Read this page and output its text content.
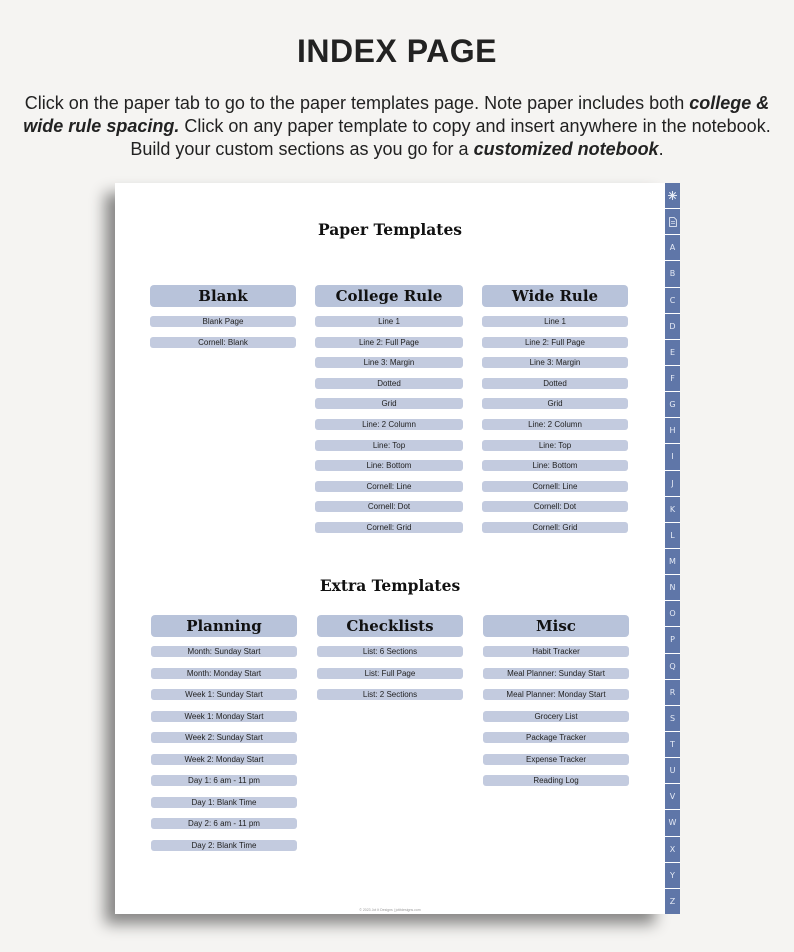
INDEX PAGE
Click on the paper tab to go to the paper templates page. Note paper includes both college & wide rule spacing. Click on any paper template to copy and insert anywhere in the notebook. Build your custom sections as you go for a customized notebook.
Paper Templates
Blank
Blank Page
Cornell: Blank
College Rule
Line 1
Line 2: Full Page
Line 3: Margin
Dotted
Grid
Line: 2 Column
Line: Top
Line: Bottom
Cornell: Line
Cornell: Dot
Cornell: Grid
Wide Rule
Line 1
Line 2: Full Page
Line 3: Margin
Dotted
Grid
Line: 2 Column
Line: Top
Line: Bottom
Cornell: Line
Cornell: Dot
Cornell: Grid
Extra Templates
Planning
Month: Sunday Start
Month: Monday Start
Week 1: Sunday Start
Week 1: Monday Start
Week 2: Sunday Start
Week 2: Monday Start
Day 1: 6 am - 11 pm
Day 1: Blank Time
Day 2: 6 am - 11 pm
Day 2: Blank Time
Checklists
List: 6 Sections
List: Full Page
List: 2 Sections
Misc
Habit Tracker
Meal Planner: Sunday Start
Meal Planner: Monday Start
Grocery List
Package Tracker
Expense Tracker
Reading Log
© 2023 Jot It Designs | jotitdesigns.com
A
B
C
D
E
F
G
H
I
J
K
L
M
N
O
P
Q
R
S
T
U
V
W
X
Y
Z
